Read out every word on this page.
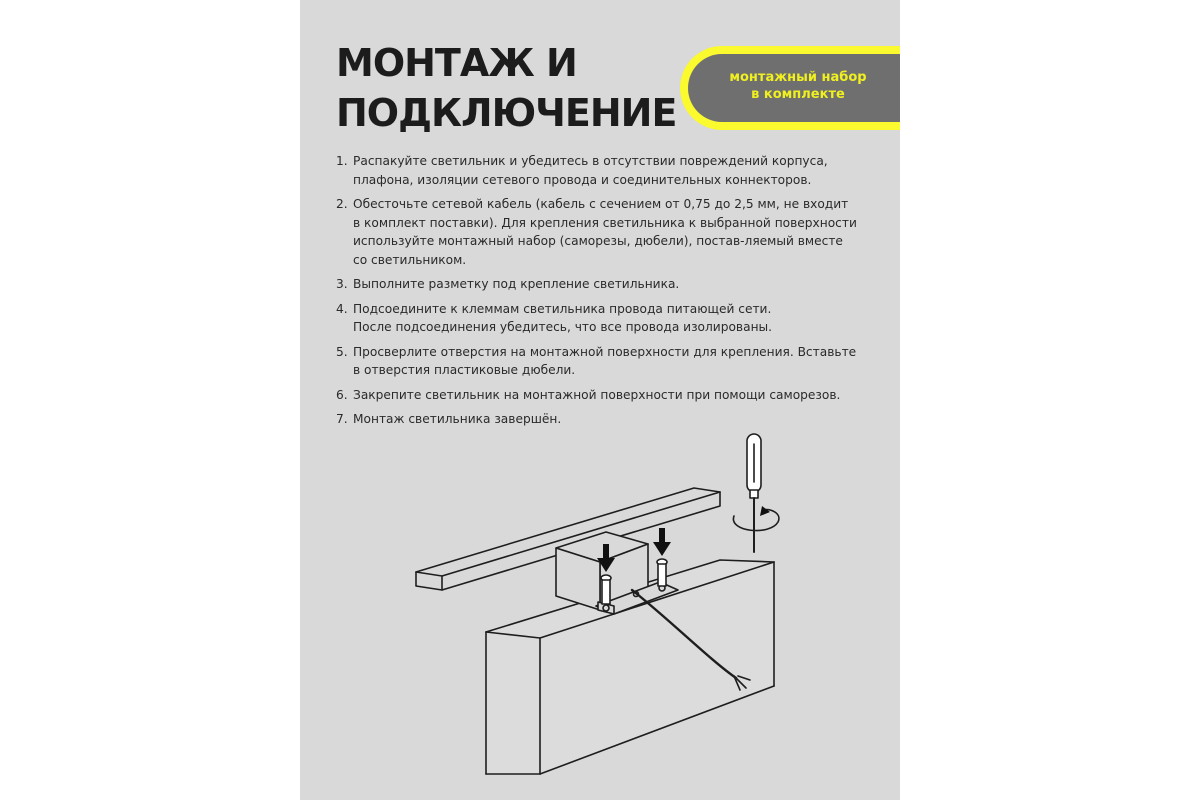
МОНТАЖ И
ПОДКЛЮЧЕНИЕ
монтажный набор
в комплекте
1. Распакуйте светильник и убедитесь в отсутствии повреждений корпуса,
плафона, изоляции сетевого провода и соединительных коннекторов.
2. Обесточьте сетевой кабель (кабель с сечением от 0,75 до 2,5 мм, не входит
в комплект поставки). Для крепления светильника к выбранной поверхности
используйте монтажный набор (саморезы, дюбели), постав-ляемый вместе
со светильником.
3. Выполните разметку под крепление светильника.
4. Подсоедините к клеммам светильника провода питающей сети.
После подсоединения убедитесь, что все провода изолированы.
5. Просверлите отверстия на монтажной поверхности для крепления. Вставьте
в отверстия пластиковые дюбели.
6. Закрепите светильник на монтажной поверхности при помощи саморезов.
7. Монтаж светильника завершён.
